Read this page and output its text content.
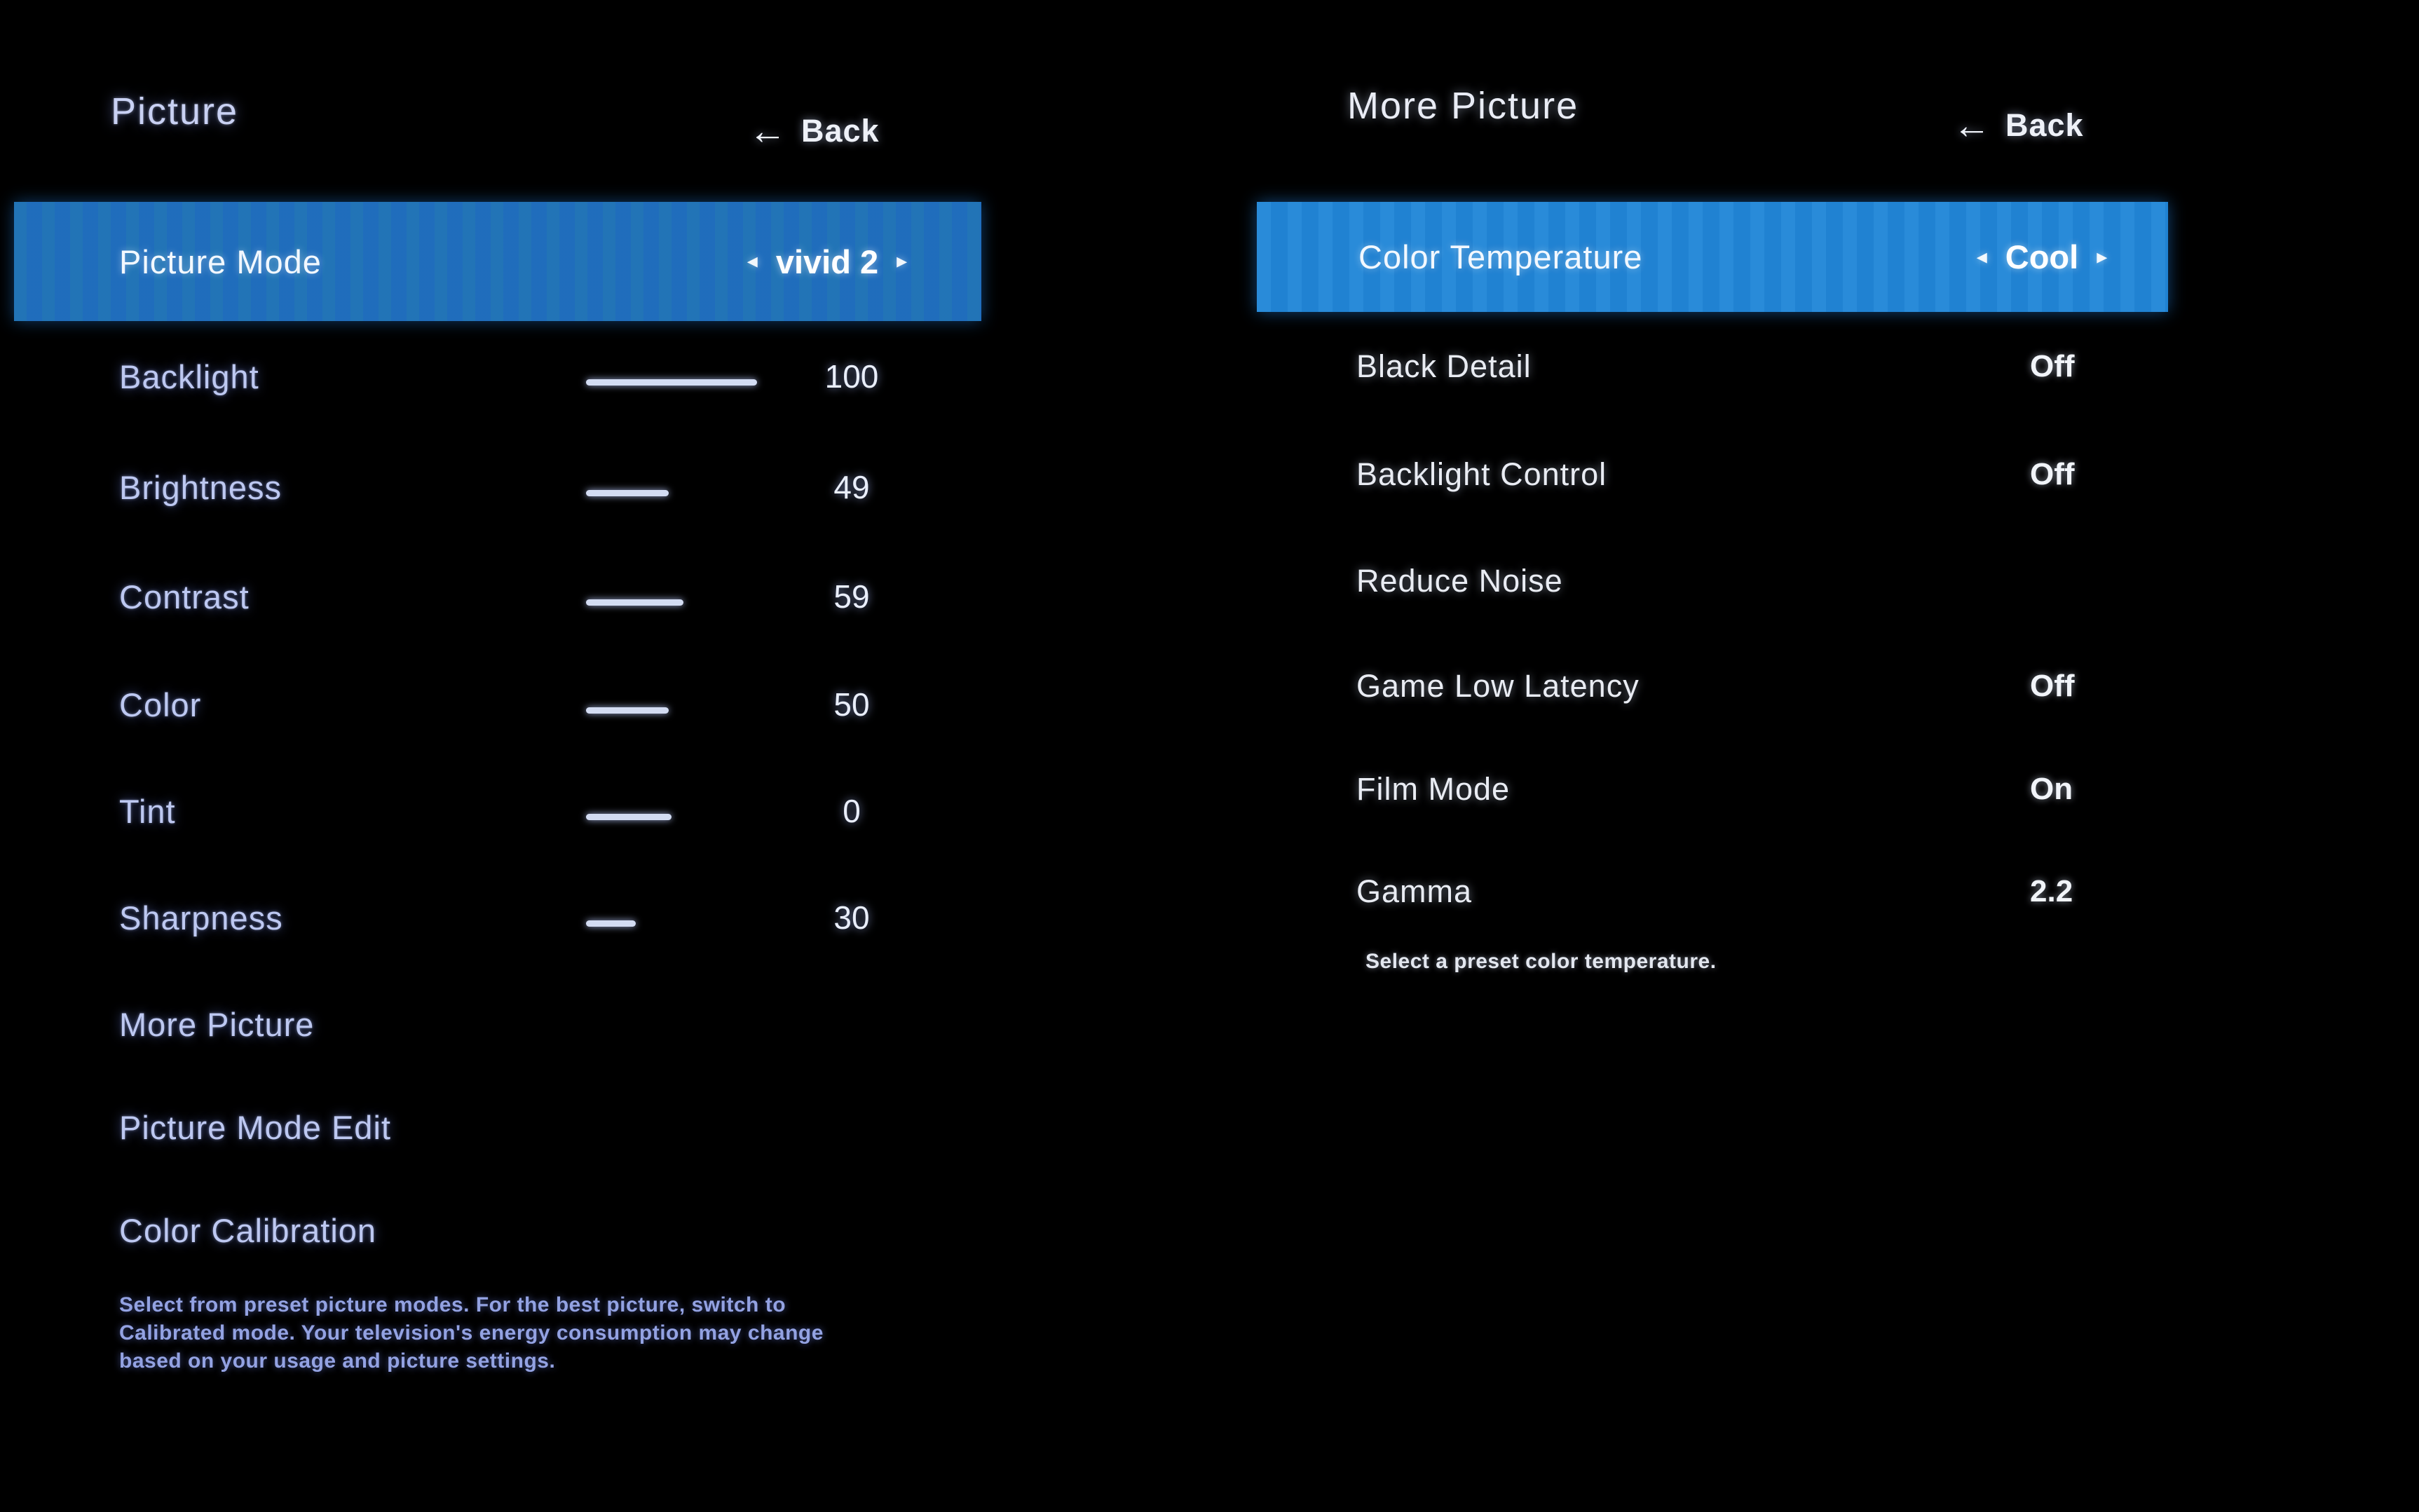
Picture	← Back
Picture Mode	◂ vivid 2 ▸
Backlight	100
Brightness	49
Contrast	59
Color	50
Tint	0
Sharpness	30
More Picture
Picture Mode Edit
Color Calibration
Select from preset picture modes. For the best picture, switch to Calibrated mode. Your television's energy consumption may change based on your usage and picture settings.
More Picture	← Back
Color Temperature	◂ Cool ▸
Black Detail	Off
Backlight Control	Off
Reduce Noise
Game Low Latency	Off
Film Mode	On
Gamma	2.2
Select a preset color temperature.
